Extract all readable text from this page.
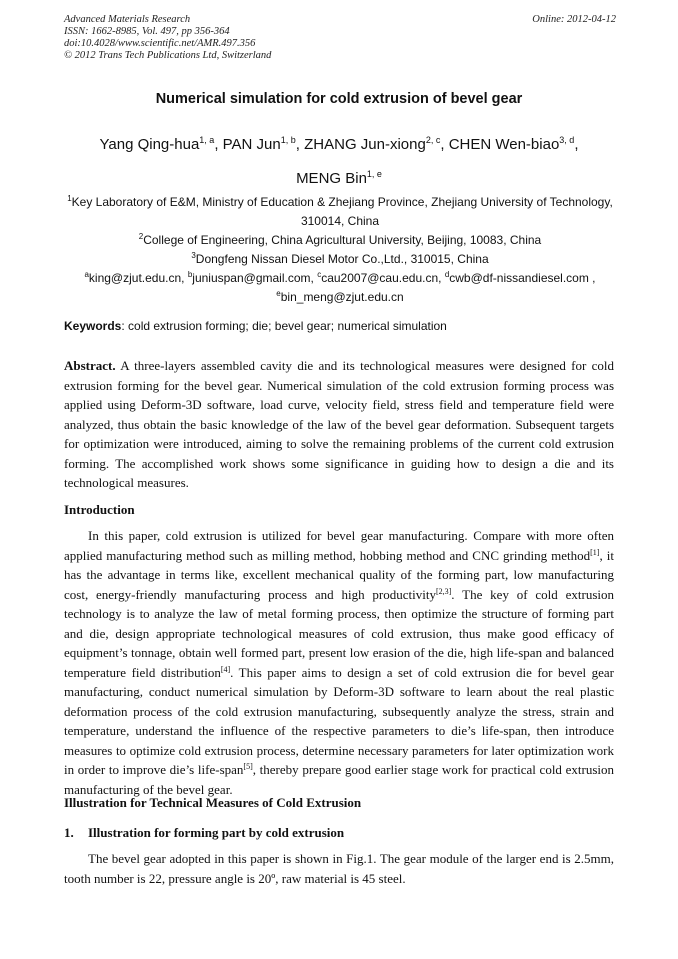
Advanced Materials Research
ISSN: 1662-8985, Vol. 497, pp 356-364
doi:10.4028/www.scientific.net/AMR.497.356
© 2012 Trans Tech Publications Ltd, Switzerland
Online: 2012-04-12
Numerical simulation for cold extrusion of bevel gear
Yang Qing-hua$^{1, a}$, PAN Jun$^{1, b}$, ZHANG Jun-xiong$^{2, c}$, CHEN Wen-biao$^{3, d}$,
MENG Bin$^{1, e}$
$^1$Key Laboratory of E&M, Ministry of Education & Zhejiang Province, Zhejiang University of Technology, 310014, China
$^2$College of Engineering, China Agricultural University, Beijing, 10083, China
$^3$Dongfeng Nissan Diesel Motor Co.,Ltd., 310015, China
$^a$king@zjut.edu.cn, $^b$juniuspan@gmail.com, $^c$cau2007@cau.edu.cn, $^d$cwb@df-nissandiesel.com ,
$^e$bin_meng@zjut.edu.cn
Keywords: cold extrusion forming; die; bevel gear; numerical simulation
Abstract. A three-layers assembled cavity die and its technological measures were designed for cold extrusion forming for the bevel gear. Numerical simulation of the cold extrusion forming process was applied using Deform-3D software, load curve, velocity field, stress field and temperature field were analyzed, thus obtain the basic knowledge of the law of the bevel gear deformation. Subsequent targets for optimization were introduced, aiming to solve the remaining problems of the current cold extrusion forming. The accomplished work shows some significance in guiding how to design a die and its technological measures.
Introduction
In this paper, cold extrusion is utilized for bevel gear manufacturing. Compare with more often applied manufacturing method such as milling method, hobbing method and CNC grinding method[1], it has the advantage in terms like, excellent mechanical quality of the forming part, low manufacturing cost, energy-friendly manufacturing process and high productivity[2,3]. The key of cold extrusion technology is to analyze the law of metal forming process, then optimize the structure of forming part and die, design appropriate technological measures of cold extrusion, thus make good efficacy of equipment’s tonnage, obtain well formed part, present low erasion of the die, high life-span and balanced temperature field distribution[4]. This paper aims to design a set of cold extrusion die for bevel gear manufacturing, conduct numerical simulation by Deform-3D software to learn about the real plastic deformation process of the cold extrusion manufacturing, subsequently analyze the stress, strain and temperature, understand the influence of the respective parameters to die’s life-span, then introduce measures to optimize cold extrusion process, determine necessary parameters for later optimization work in order to improve die’s life-span[5], thereby prepare good earlier stage work for practical cold extrusion manufacturing of the bevel gear.
Illustration for Technical Measures of Cold Extrusion
1. Illustration for forming part by cold extrusion
The bevel gear adopted in this paper is shown in Fig.1. The gear module of the larger end is 2.5mm, tooth number is 22, pressure angle is 20º, raw material is 45 steel.
